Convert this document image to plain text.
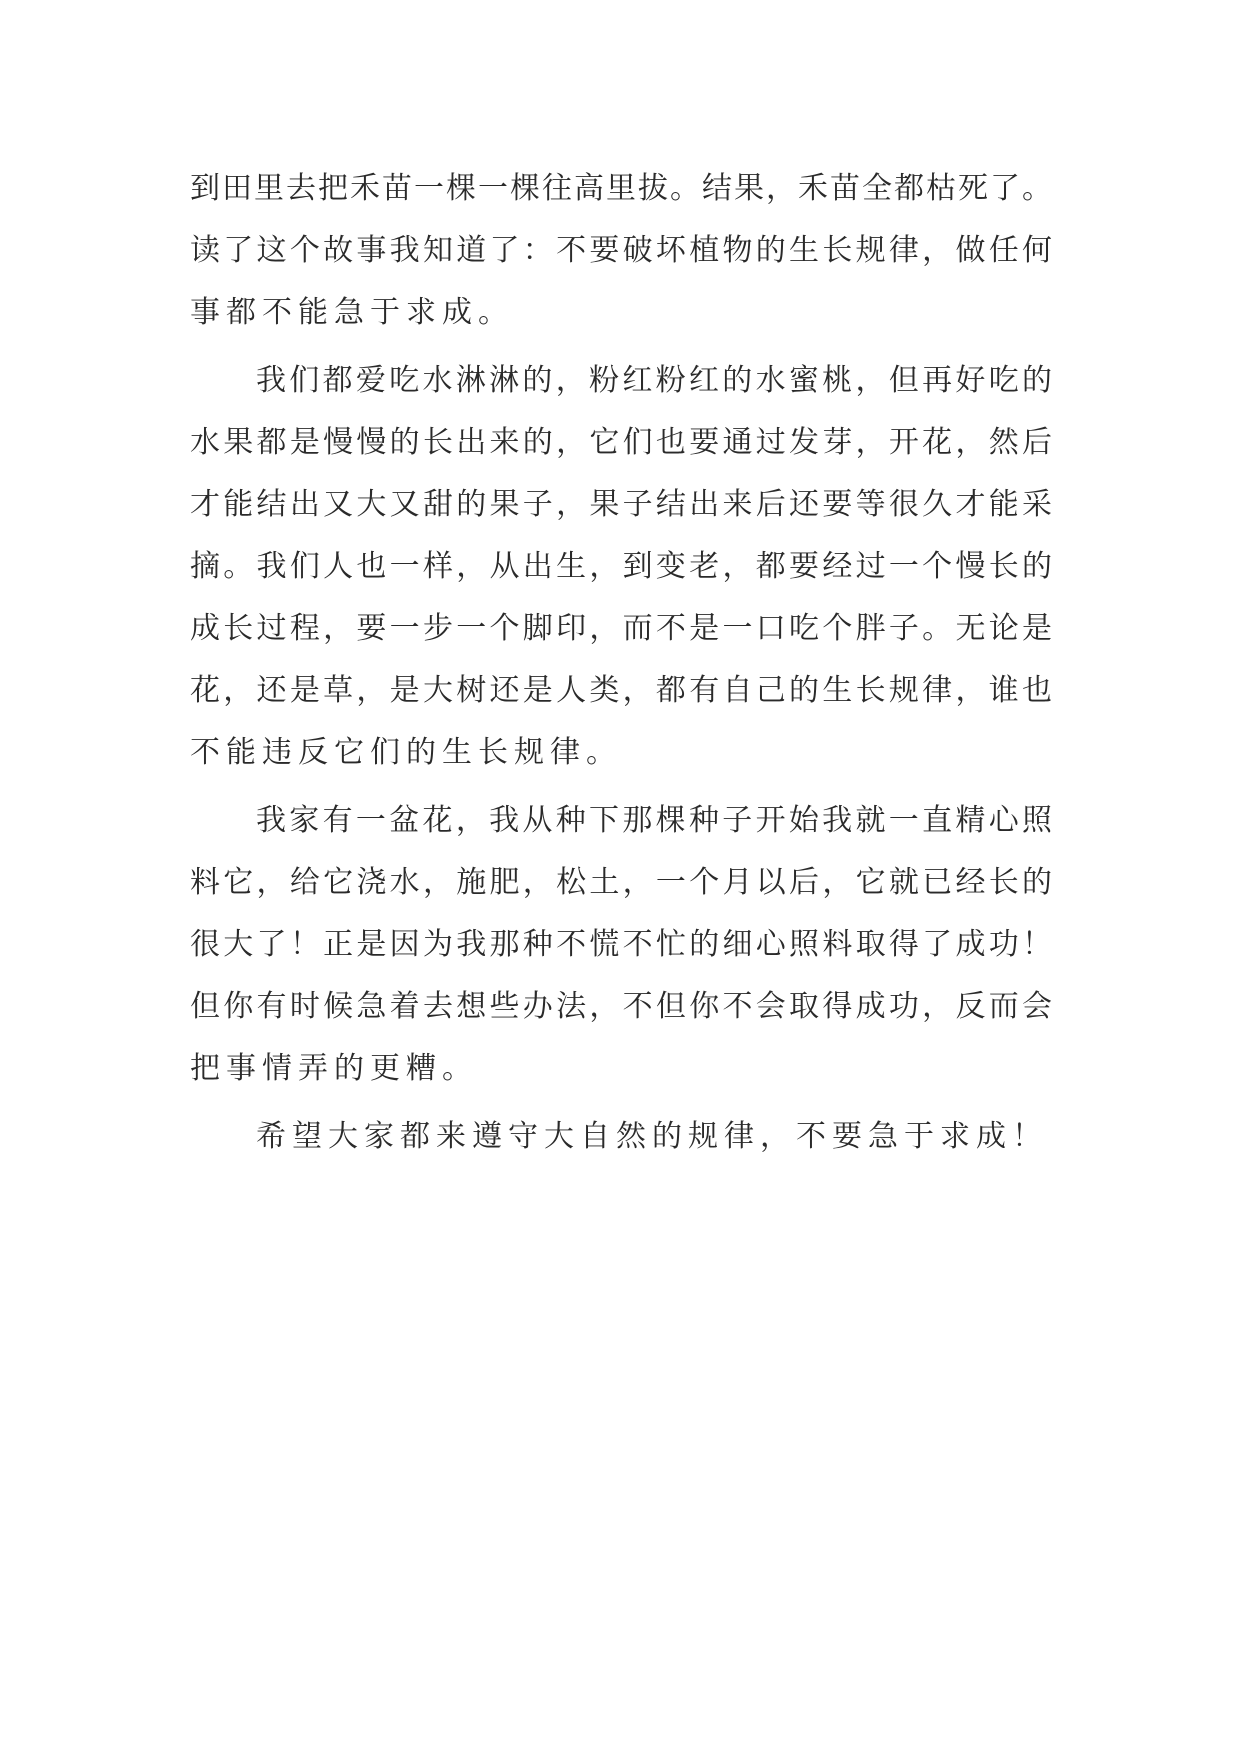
到田里去把禾苗一棵一棵往高里拔。结果，禾苗全都枯死了。
读了这个故事我知道了：不要破坏植物的生长规律，做任何
事都不能急于求成。
我们都爱吃水淋淋的，粉红粉红的水蜜桃，但再好吃的
水果都是慢慢的长出来的，它们也要通过发芽，开花，然后
才能结出又大又甜的果子，果子结出来后还要等很久才能采
摘。我们人也一样，从出生，到变老，都要经过一个慢长的
成长过程，要一步一个脚印，而不是一口吃个胖子。无论是
花，还是草，是大树还是人类，都有自己的生长规律，谁也
不能违反它们的生长规律。
我家有一盆花，我从种下那棵种子开始我就一直精心照
料它，给它浇水，施肥，松土，一个月以后，它就已经长的
很大了！正是因为我那种不慌不忙的细心照料取得了成功！
但你有时候急着去想些办法，不但你不会取得成功，反而会
把事情弄的更糟。
希望大家都来遵守大自然的规律，不要急于求成！
